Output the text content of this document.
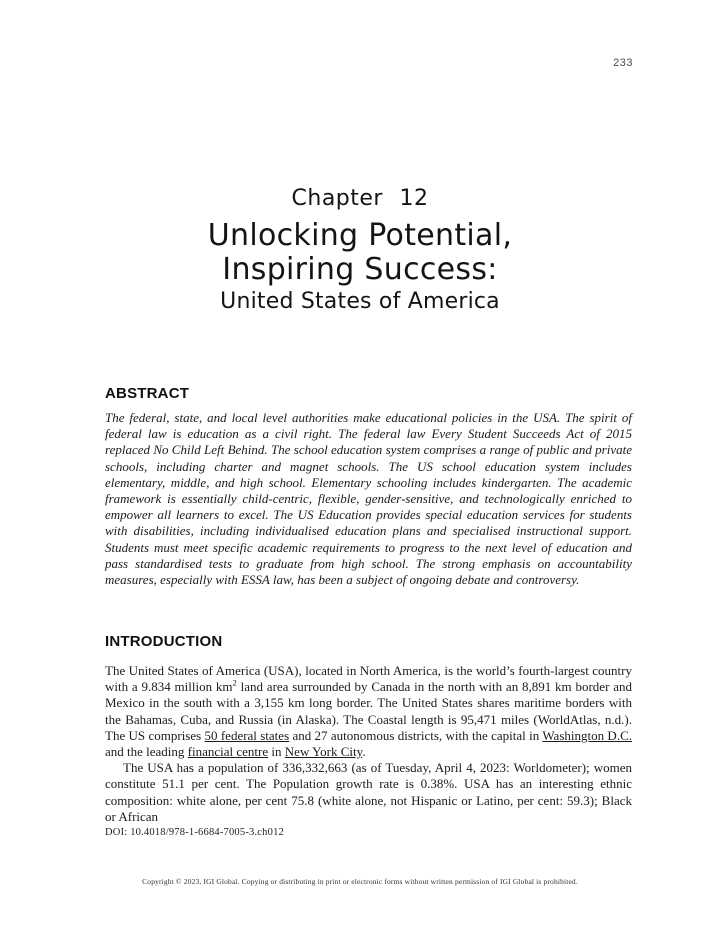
233
Chapter 12
Unlocking Potential,
Inspiring Success:
United States of America
ABSTRACT

The federal, state, and local level authorities make educational policies in the USA. The spirit of federal law is education as a civil right. The federal law Every Student Succeeds Act of 2015 replaced No Child Left Behind. The school education system comprises a range of public and private schools, including charter and magnet schools. The US school education system includes elementary, middle, and high school. Elementary schooling includes kindergarten. The academic framework is essentially child-centric, flexible, gender-sensitive, and technologically enriched to empower all learners to excel. The US Education provides special education services for students with disabilities, including individualised education plans and specialised instructional support. Students must meet specific academic requirements to progress to the next level of education and pass standardised tests to graduate from high school. The strong emphasis on accountability measures, especially with ESSA law, has been a subject of ongoing debate and controversy.

INTRODUCTION

The United States of America (USA), located in North America, is the world’s fourth-largest country with a 9.834 million km$^2$ land area surrounded by Canada in the north with an 8,891 km border and Mexico in the south with a 3,155 km long border. The United States shares maritime borders with the Bahamas, Cuba, and Russia (in Alaska). The Coastal length is 95,471 miles (WorldAtlas, n.d.). The US comprises 50 federal states and 27 autonomous districts, with the capital in Washington D.C. and the leading financial centre in New York City.

The USA has a population of 336,332,663 (as of Tuesday, April 4, 2023: Worldometer); women constitute 51.1 per cent. The Population growth rate is 0.38%. USA has an interesting ethnic composition: white alone, per cent 75.8 (white alone, not Hispanic or Latino, per cent: 59.3); Black or African

DOI: 10.4018/978-1-6684-7005-3.ch012
Copyright © 2023, IGI Global. Copying or distributing in print or electronic forms without written permission of IGI Global is prohibited.
